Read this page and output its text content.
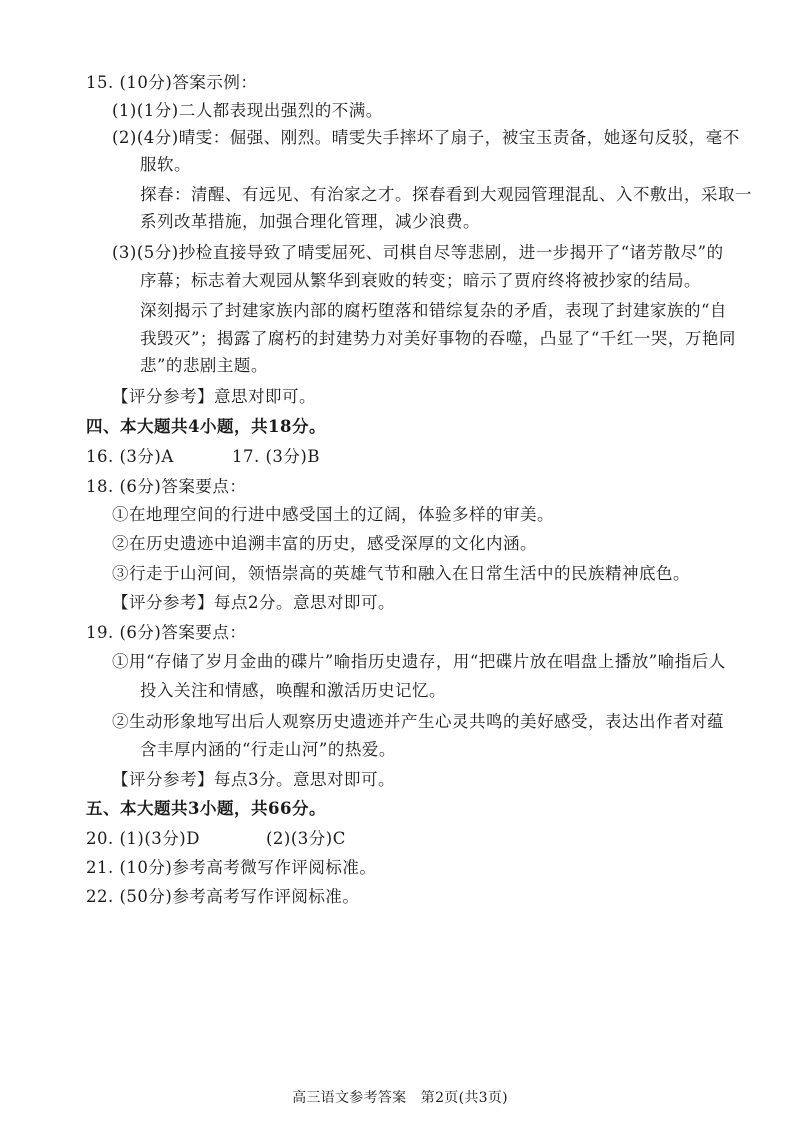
15. (10分)答案示例：
(1)(1分)二人都表现出强烈的不满。
(2)(4分)晴雯：倔强、刚烈。晴雯失手摔坏了扇子，被宝玉责备，她逐句反驳，毫不
服软。
探春：清醒、有远见、有治家之才。探春看到大观园管理混乱、入不敷出，采取一
系列改革措施，加强合理化管理，减少浪费。
(3)(5分)抄检直接导致了晴雯屈死、司棋自尽等悲剧，进一步揭开了“诸芳散尽”的
序幕；标志着大观园从繁华到衰败的转变；暗示了贾府终将被抄家的结局。
深刻揭示了封建家族内部的腐朽堕落和错综复杂的矛盾，表现了封建家族的“自
我毁灭”；揭露了腐朽的封建势力对美好事物的吞噬，凸显了“千红一哭，万艳同
悲”的悲剧主题。
【评分参考】意思对即可。
四、本大题共4小题，共18分。
16. (3分)A	17. (3分)B
18. (6分)答案要点：
①在地理空间的行进中感受国土的辽阔，体验多样的审美。
②在历史遗迹中追溯丰富的历史，感受深厚的文化内涵。
③行走于山河间，领悟崇高的英雄气节和融入在日常生活中的民族精神底色。
【评分参考】每点2分。意思对即可。
19. (6分)答案要点：
①用“存储了岁月金曲的碟片”喻指历史遗存，用“把碟片放在唱盘上播放”喻指后人
投入关注和情感，唤醒和激活历史记忆。
②生动形象地写出后人观察历史遗迹并产生心灵共鸣的美好感受，表达出作者对蕴
含丰厚内涵的“行走山河”的热爱。
【评分参考】每点3分。意思对即可。
五、本大题共3小题，共66分。
20. (1)(3分)D	(2)(3分)C
21. (10分)参考高考微写作评阅标准。
22. (50分)参考高考写作评阅标准。
高三语文参考答案　第2页(共3页)
